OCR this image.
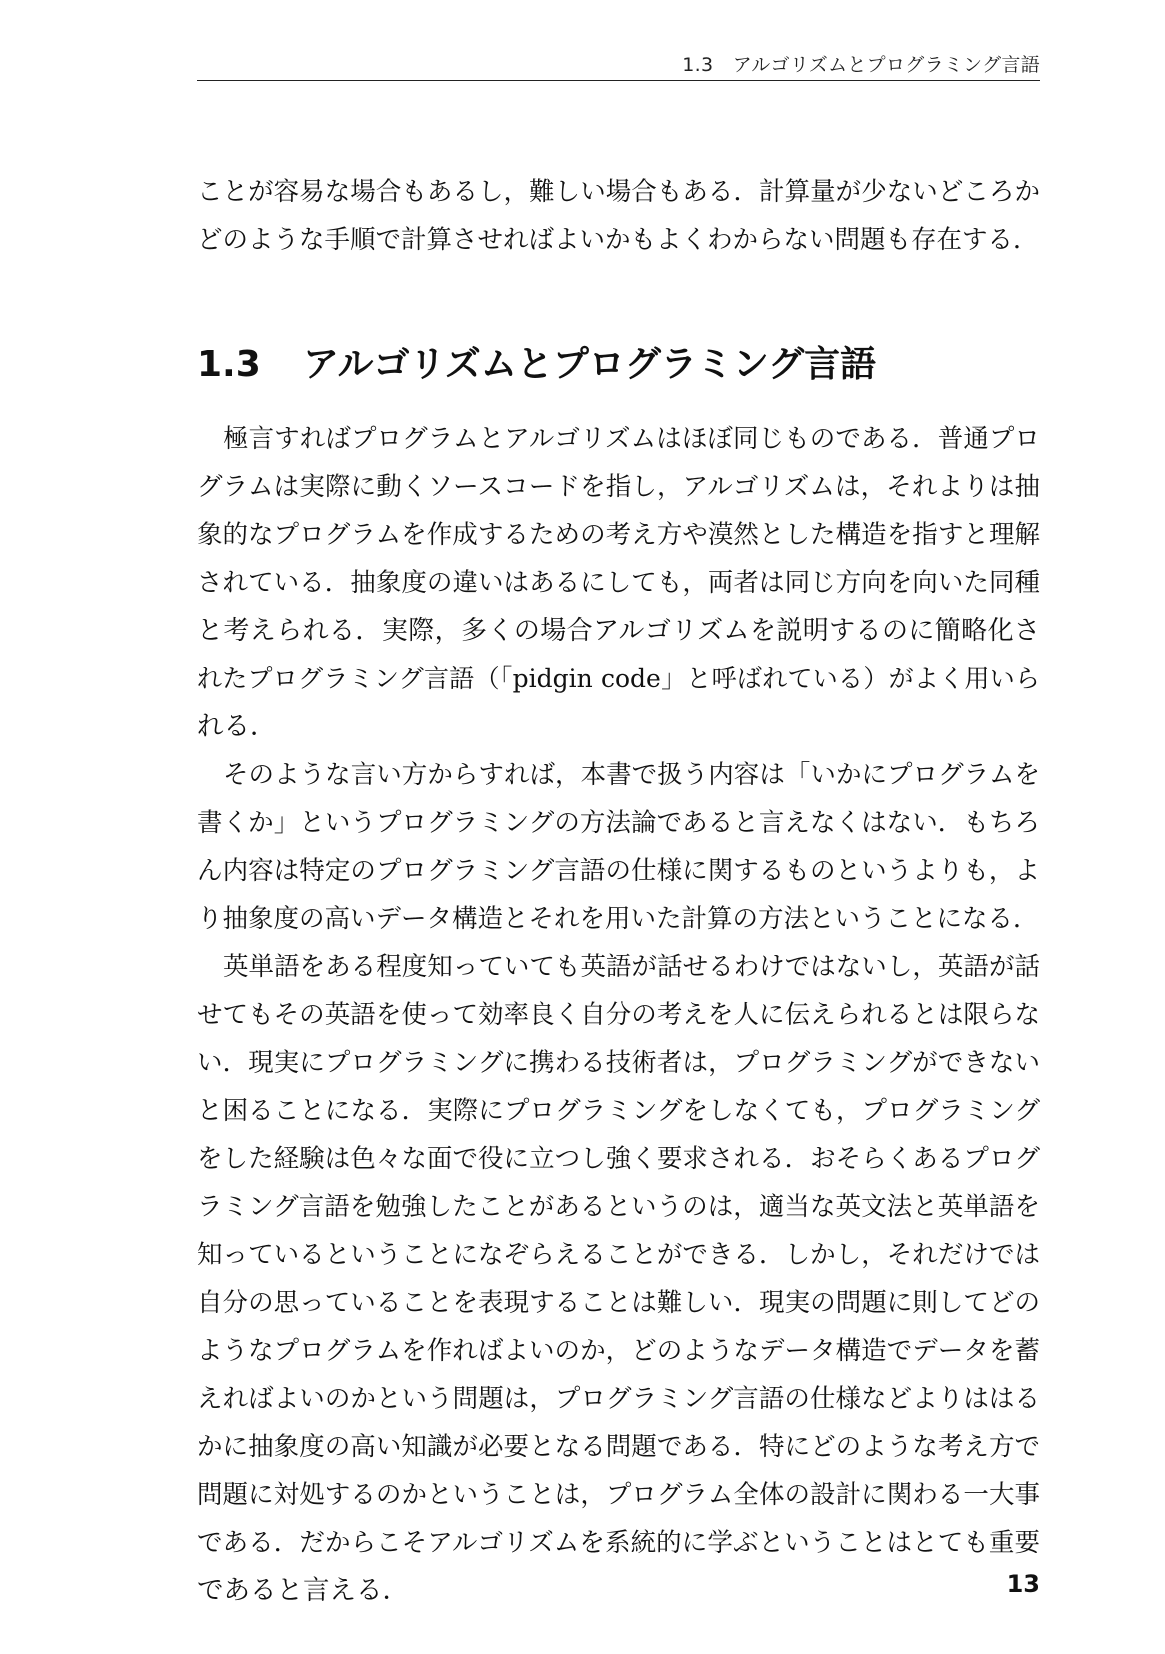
1.3　アルゴリズムとプログラミング言語
ことが容易な場合もあるし，難しい場合もある．計算量が少ないどころか
どのような手順で計算させればよいかもよくわからない問題も存在する．
1.3 アルゴリズムとプログラミング言語
極言すればプログラムとアルゴリズムはほぼ同じものである．普通プロ
グラムは実際に動くソースコードを指し，アルゴリズムは，それよりは抽
象的なプログラムを作成するための考え方や漠然とした構造を指すと理解
されている．抽象度の違いはあるにしても，両者は同じ方向を向いた同種
と考えられる．実際，多くの場合アルゴリズムを説明するのに簡略化さ
れたプログラミング言語（「pidgin code」と呼ばれている）がよく用いら
れる．
そのような言い方からすれば，本書で扱う内容は「いかにプログラムを
書くか」というプログラミングの方法論であると言えなくはない．もちろ
ん内容は特定のプログラミング言語の仕様に関するものというよりも，よ
り抽象度の高いデータ構造とそれを用いた計算の方法ということになる．
英単語をある程度知っていても英語が話せるわけではないし，英語が話
せてもその英語を使って効率良く自分の考えを人に伝えられるとは限らな
い．現実にプログラミングに携わる技術者は，プログラミングができない
と困ることになる．実際にプログラミングをしなくても，プログラミング
をした経験は色々な面で役に立つし強く要求される．おそらくあるプログ
ラミング言語を勉強したことがあるというのは，適当な英文法と英単語を
知っているということになぞらえることができる．しかし，それだけでは
自分の思っていることを表現することは難しい．現実の問題に則してどの
ようなプログラムを作ればよいのか，どのようなデータ構造でデータを蓄
えればよいのかという問題は，プログラミング言語の仕様などよりははる
かに抽象度の高い知識が必要となる問題である．特にどのような考え方で
問題に対処するのかということは，プログラム全体の設計に関わる一大事
である．だからこそアルゴリズムを系統的に学ぶということはとても重要
であると言える．	13
